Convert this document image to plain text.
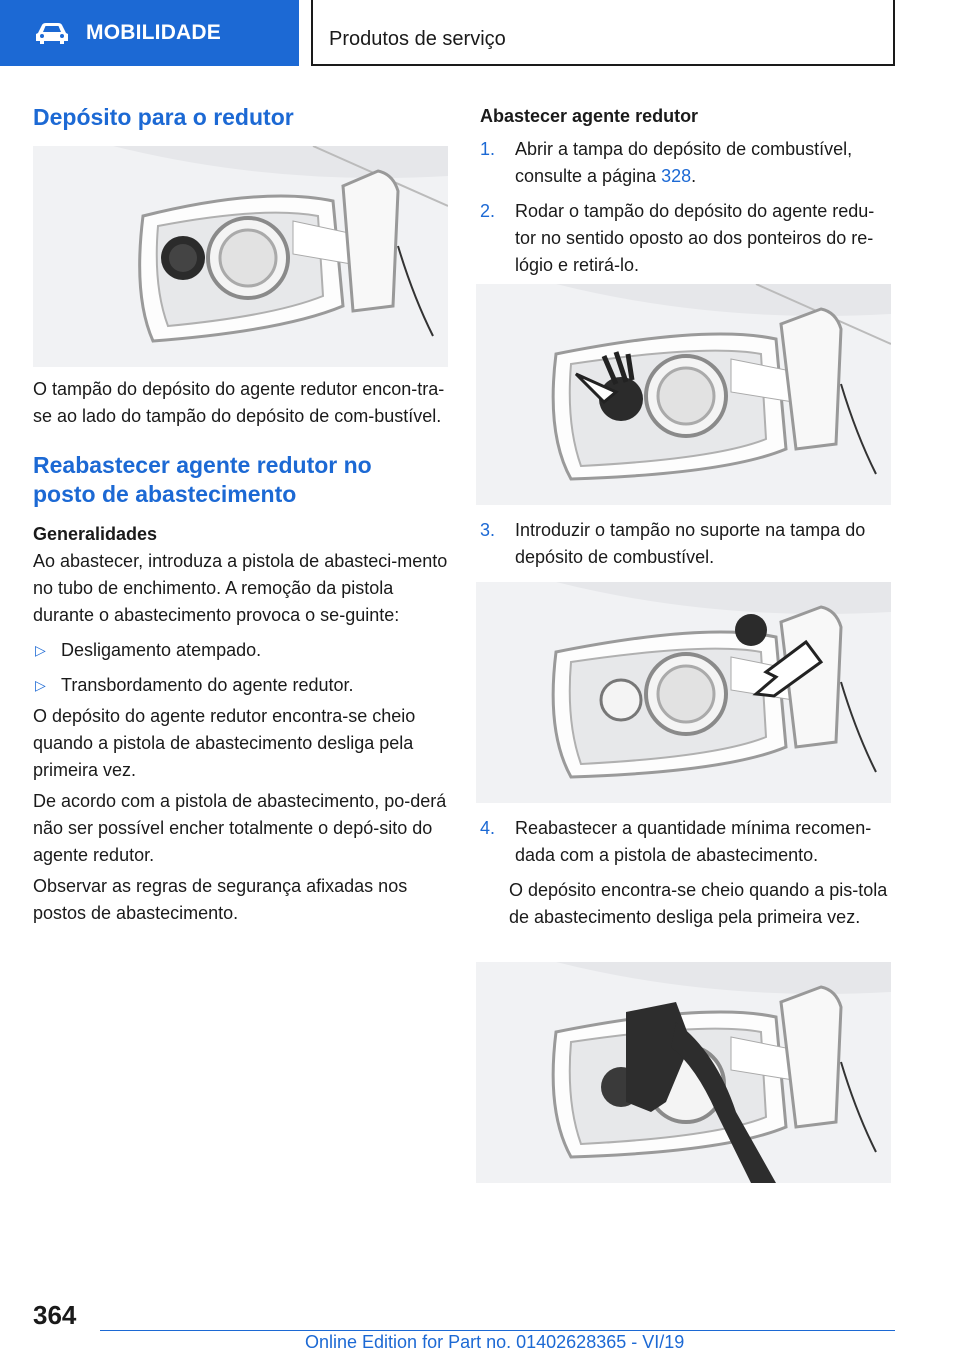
MOBILIDADE	Produtos de serviço
Depósito para o redutor

O tampão do depósito do agente redutor encon-tra-se ao lado do tampão do depósito de com-bustível.

Reabastecer agente redutor no
posto de abastecimento
Generalidades

Ao abastecer, introduza a pistola de abasteci-mento no tubo de enchimento. A remoção da pistola durante o abastecimento provoca o se-guinte:

▷ Desligamento atempado.
▷ Transbordamento do agente redutor.

O depósito do agente redutor encontra-se cheio quando a pistola de abastecimento desliga pela primeira vez.

De acordo com a pistola de abastecimento, po-derá não ser possível encher totalmente o depó-sito do agente redutor.

Observar as regras de segurança afixadas nos postos de abastecimento.

Abastecer agente redutor
1. Abrir a tampa do depósito de combustível, consulte a página 328.
2. Rodar o tampão do depósito do agente redu-tor no sentido oposto ao dos ponteiros do re-lógio e retirá-lo.
3. Introduzir o tampão no suporte na tampa do depósito de combustível.
4. Reabastecer a quantidade mínima recomen-dada com a pistola de abastecimento.

O depósito encontra-se cheio quando a pis-tola de abastecimento desliga pela primeira vez.

364
Online Edition for Part no. 01402628365 - VI/19
